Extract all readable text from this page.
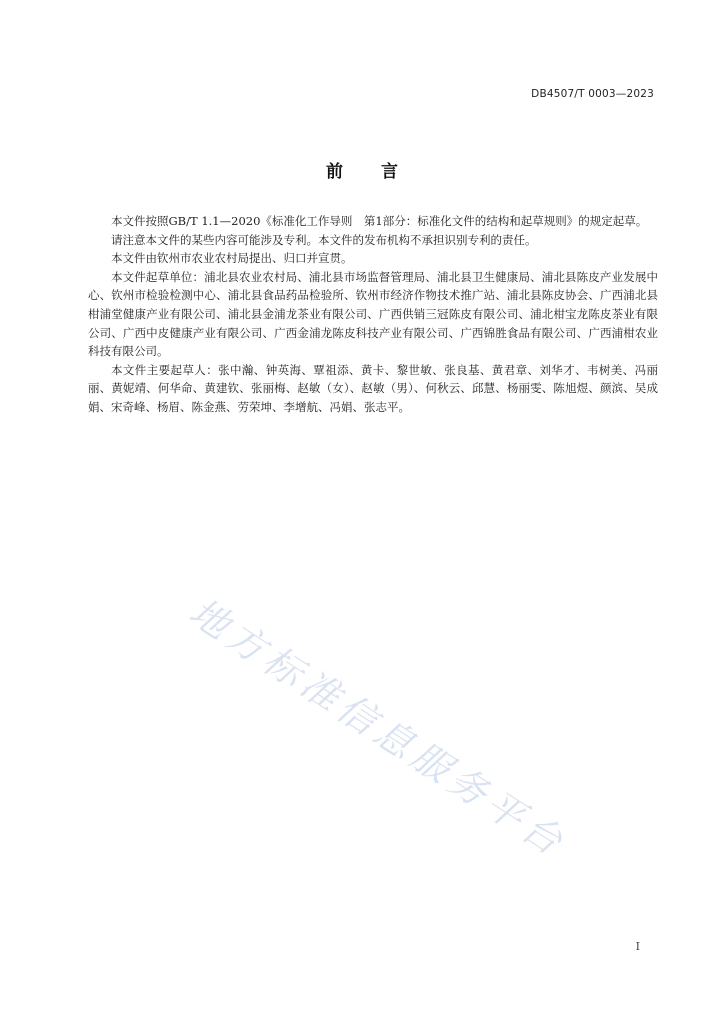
DB4507/T 0003—2023
前言

本文件按照GB/T 1.1—2020《标准化工作导则　第1部分：标准化文件的结构和起草规则》的规定起草。

请注意本文件的某些内容可能涉及专利。本文件的发布机构不承担识别专利的责任。

本文件由钦州市农业农村局提出、归口并宣贯。

本文件起草单位：浦北县农业农村局、浦北县市场监督管理局、浦北县卫生健康局、浦北县陈皮产业发展中心、钦州市检验检测中心、浦北县食品药品检验所、钦州市经济作物技术推广站、浦北县陈皮协会、广西浦北县柑浦堂健康产业有限公司、浦北县金浦龙茶业有限公司、广西供销三冠陈皮有限公司、浦北柑宝龙陈皮茶业有限公司、广西中皮健康产业有限公司、广西金浦龙陈皮科技产业有限公司、广西锦胜食品有限公司、广西浦柑农业科技有限公司。

本文件主要起草人：张中瀚、钟英海、覃祖添、黄卡、黎世敏、张良基、黄君章、刘华才、韦树美、冯丽丽、黄妮靖、何华命、黄建钦、张丽梅、赵敏（女）、赵敏（男）、何秋云、邱慧、杨丽雯、陈旭煜、颜滨、吴成娟、宋奇峰、杨眉、陈金燕、劳荣坤、李增航、冯娟、张志平。

地方标准信息服务平台
I
